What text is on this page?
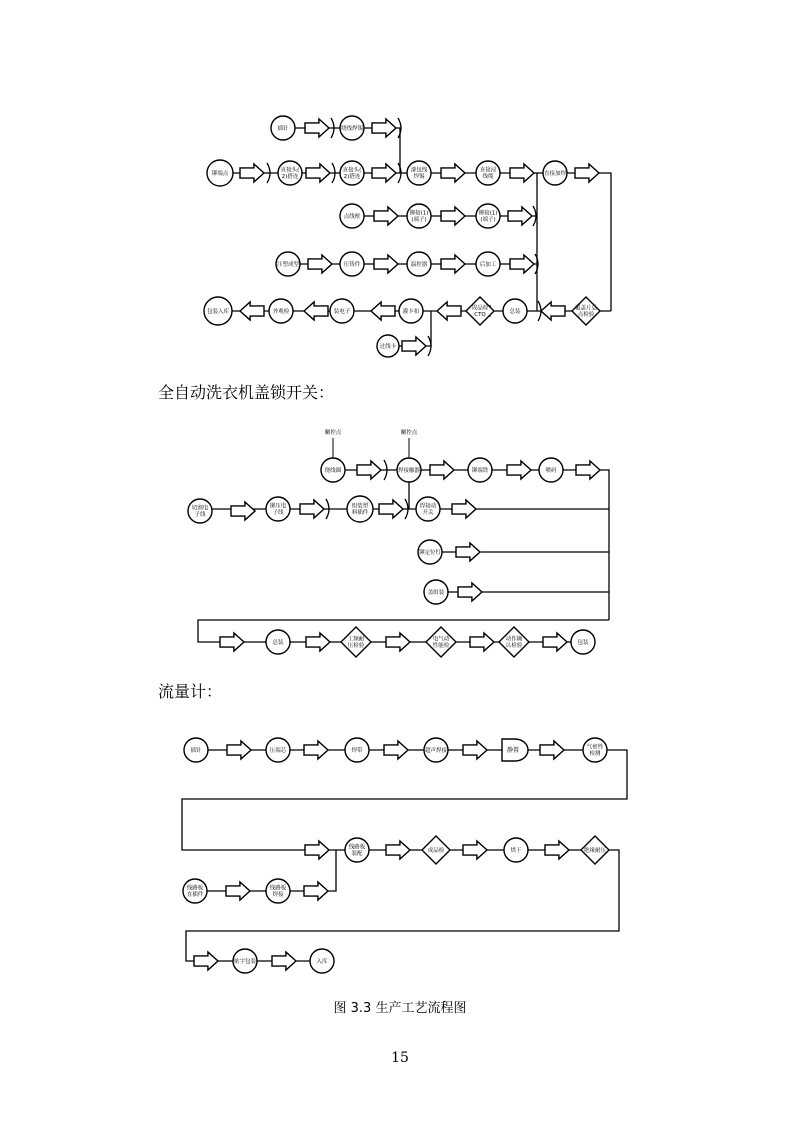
插针	绕线焊锡
铆端点
直接头( 2)搭连
直接头( 2)搭连
漆包线焊锡
直接浸线缆
直接加焊
点线框
铆接(1) (端子)
铆接(1) (端子)
注塑成型	压铸件	温控器	后加工
覆盖片总点检验
总装
装电子
成品检 CTQ
灌卡扣
外观检
包装入库
过线卡
關控点	關控点
绕线圈	焊接触器	铆端铁	喷码
切割电子线
铆压电子线
组装塑料插件
焊接动开关
铆定位钉
盖组装
总装
工频耐压检验
电气动性能检
动作确认检验
包装
插针	压端芯	焊带	超声焊接	静置	气密性检测
线路板装配
成品检	烘干	绝缘耐压
线路板直插件
线路板焊接
贴字包装	入库
全自动洗衣机盖锁开关：
流量计：
图 3.3 生产工艺流程图
15
